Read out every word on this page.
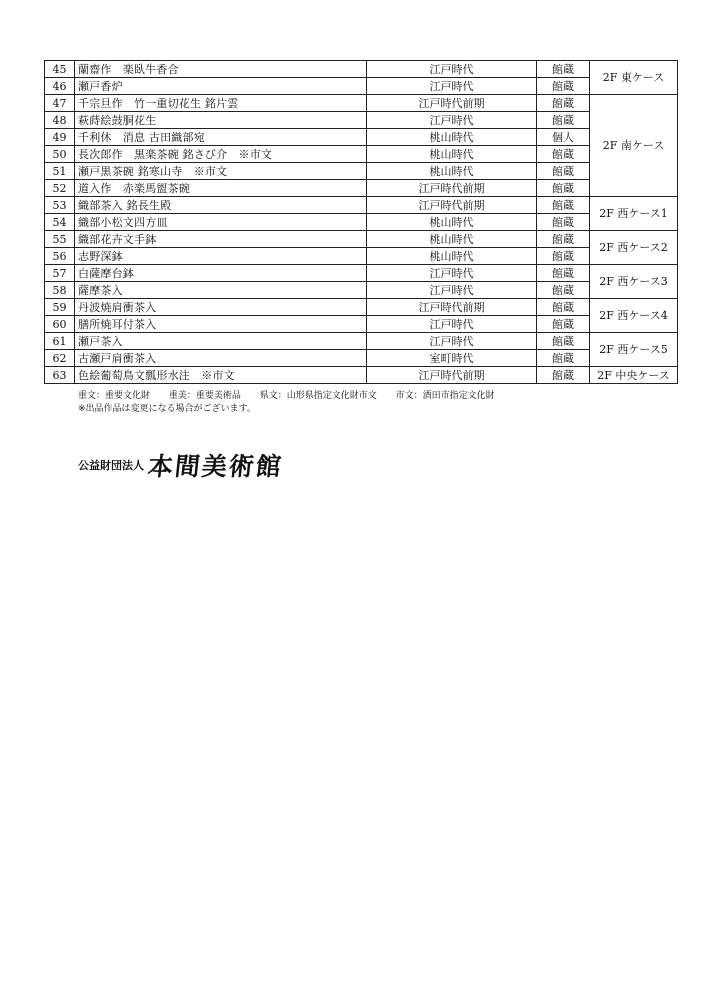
45	蘭齋作　楽臥牛香合	江戸時代	館蔵	2F 東ケース
46	瀬戸香炉	江戸時代	館蔵	
47	千宗旦作　竹一重切花生 銘片雲	江戸時代前期	館蔵	2F 南ケース
48	萩蒔絵鼓胴花生	江戸時代	館蔵	
49	千利休　消息 古田織部宛	桃山時代	個人	
50	長次郎作　黒楽茶碗 銘さび介　※市文	桃山時代	館蔵	
51	瀬戸黒茶碗 銘寒山寺　※市文	桃山時代	館蔵	
52	道入作　赤楽馬盥茶碗	江戸時代前期	館蔵	
53	織部茶入 銘長生殿	江戸時代前期	館蔵	2F 西ケース1
54	織部小松文四方皿	桃山時代	館蔵	
55	織部花卉文手鉢	桃山時代	館蔵	2F 西ケース2
56	志野深鉢	桃山時代	館蔵	
57	白薩摩台鉢	江戸時代	館蔵	2F 西ケース3
58	薩摩茶入	江戸時代	館蔵	
59	丹波焼肩衝茶入	江戸時代前期	館蔵	2F 西ケース4
60	膳所焼耳付茶入	江戸時代	館蔵	
61	瀬戸茶入	江戸時代	館蔵	2F 西ケース5
62	古瀬戸肩衝茶入	室町時代	館蔵	
63	色絵葡萄鳥文瓢形水注　※市文	江戸時代前期	館蔵	2F 中央ケース
重文：重要文化財 重美：重要美術品 県文：山形県指定文化財市文 市文：酒田市指定文化財
※出品作品は変更になる場合がございます。
公益財団法人 本間美術館
